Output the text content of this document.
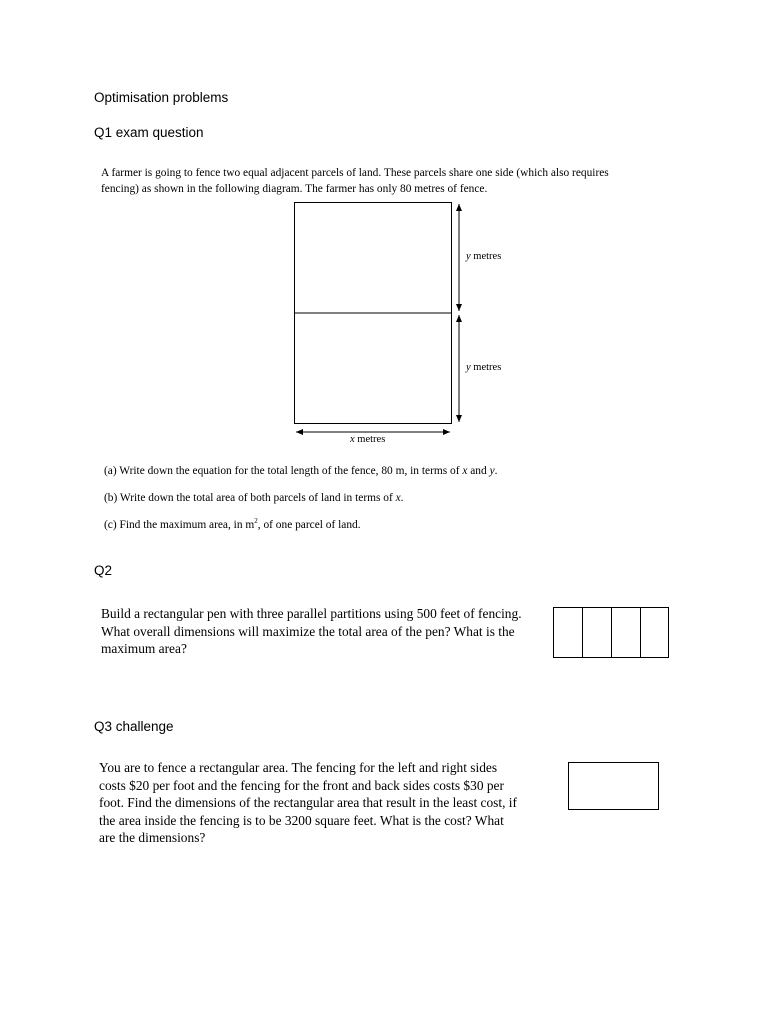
Optimisation problems
Q1 exam question
A farmer is going to fence two equal adjacent parcels of land. These parcels share one side (which also requires
fencing) as shown in the following diagram. The farmer has only 80 metres of fence.
y metres
y metres
x metres
(a) Write down the equation for the total length of the fence, 80 m, in terms of x and y.
(b) Write down the total area of both parcels of land in terms of x.
(c) Find the maximum area, in $m^2$, of one parcel of land.
Q2
Build a rectangular pen with three parallel partitions using 500 feet of fencing.
What overall dimensions will maximize the total area of the pen? What is the
maximum area?
Q3 challenge
You are to fence a rectangular area. The fencing for the left and right sides
costs $20 per foot and the fencing for the front and back sides costs $30 per
foot. Find the dimensions of the rectangular area that result in the least cost, if
the area inside the fencing is to be 3200 square feet. What is the cost? What
are the dimensions?
